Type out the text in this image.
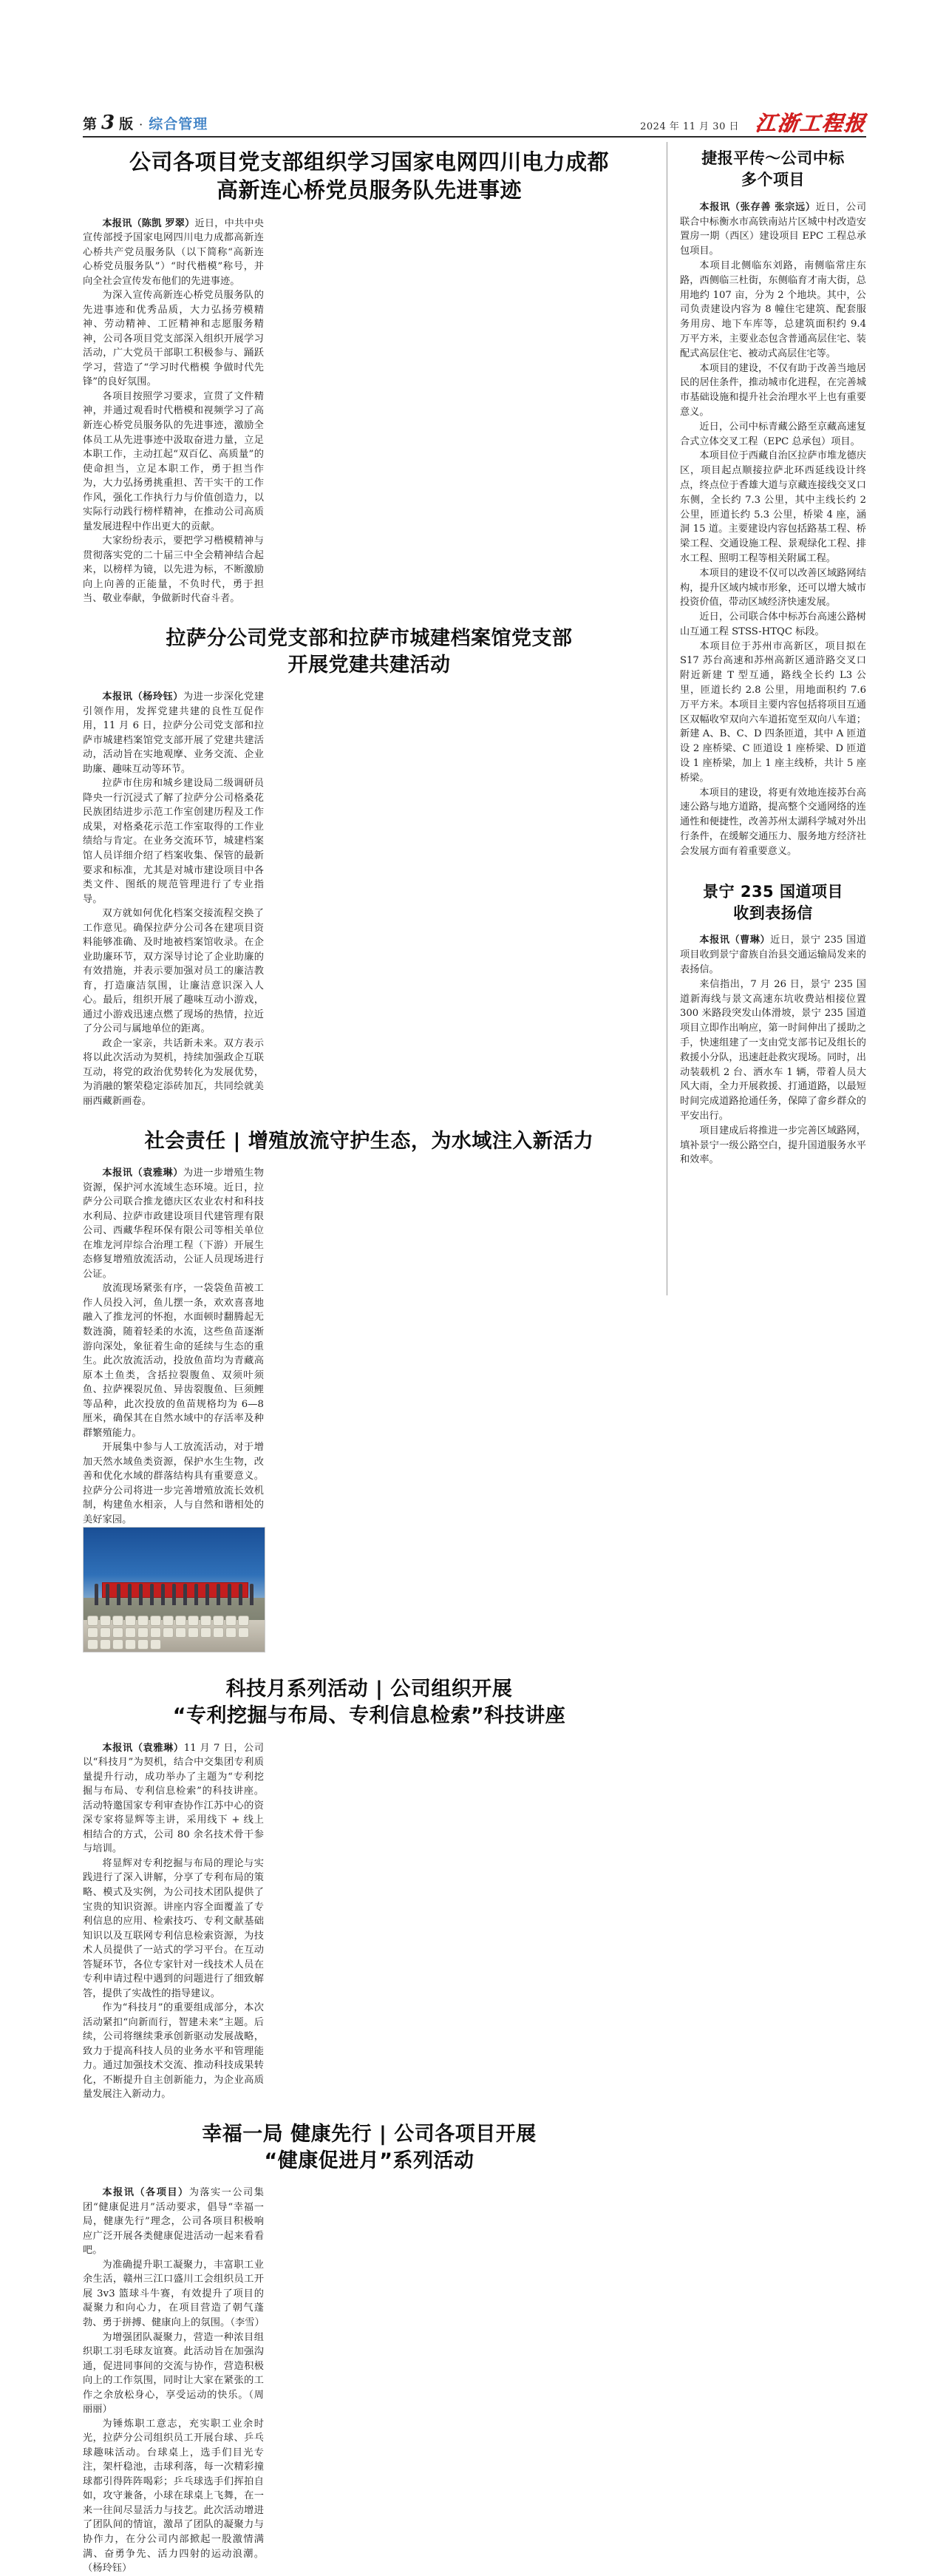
第 3 版 · 综合管理	2024 年 11 月 30 日 江浙工程报
公司各项目党支部组织学习国家电网四川电力成都
高新连心桥党员服务队先进事迹

本报讯（陈凯 罗翠）近日，中共中央宣传部授予国家电网四川电力成都高新连心桥共产党员服务队（以下简称“高新连心桥党员服务队”）“时代楷模”称号，并向全社会宣传发布他们的先进事迹。

为深入宣传高新连心桥党员服务队的先进事迹和优秀品质，大力弘扬劳模精神、劳动精神、工匠精神和志愿服务精神，公司各项目党支部深入组织开展学习活动，广大党员干部职工积极参与、踊跃学习，营造了“学习时代楷模 争做时代先锋”的良好氛围。

各项目按照学习要求，宣贯了文件精神，并通过观看时代楷模和视频学习了高新连心桥党员服务队的先进事迹，激励全体员工从先进事迹中汲取奋进力量，立足本职工作，主动扛起“双百亿、高质量”的使命担当，立足本职工作，勇于担当作为，大力弘扬勇挑重担、苦干实干的工作作风，强化工作执行力与价值创造力，以实际行动践行榜样精神，在推动公司高质量发展进程中作出更大的贡献。

大家纷纷表示，要把学习楷模精神与贯彻落实党的二十届三中全会精神结合起来，以榜样为镜，以先进为标，不断激励向上向善的正能量，不负时代，勇于担当、敬业奉献，争做新时代奋斗者。

拉萨分公司党支部和拉萨市城建档案馆党支部
开展党建共建活动

本报讯（杨玲钰）为进一步深化党建引领作用，发挥党建共建的良性互促作用，11 月 6 日，拉萨分公司党支部和拉萨市城建档案馆党支部开展了党建共建活动，活动旨在实地观摩、业务交流、企业助廉、趣味互动等环节。

拉萨市住房和城乡建设局二级调研员降央一行沉浸式了解了拉萨分公司格桑花民族团结进步示范工作室创建历程及工作成果，对格桑花示范工作室取得的工作业绩给与肯定。在业务交流环节，城建档案馆人员详细介绍了档案收集、保管的最新要求和标准，尤其是对城市建设项目中各类文件、图纸的规范管理进行了专业指导。

双方就如何优化档案交接流程交换了工作意见。确保拉萨分公司各在建项目资料能够准确、及时地被档案馆收录。在企业助廉环节，双方深导讨论了企业助廉的有效措施，并表示要加强对员工的廉洁教育，打造廉洁氛围，让廉洁意识深入人心。最后，组织开展了趣味互动小游戏，通过小游戏迅速点燃了现场的热情，拉近了分公司与属地单位的距离。

政企一家亲，共话新未来。双方表示将以此次活动为契机，持续加强政企互联互动，将党的政治优势转化为发展优势，为消融的繁荣稳定添砖加瓦，共同绘就美丽西藏新画卷。

社会责任 | 增殖放流守护生态，为水域注入新活力

本报讯（袁雅琳）为进一步增殖生物资源，保护河水流域生态环境。近日，拉萨分公司联合推龙德庆区农业农村和科技水利局、拉萨市政建设项目代建管理有限公司、西藏华程环保有限公司等相关单位在堆龙河岸综合治理工程（下游）开展生态修复增殖放流活动，公证人员现场进行公证。

放流现场紧张有序，一袋袋鱼苗被工作人员投入河，鱼儿摆一条，欢欢喜喜地融入了推龙河的怀抱，水面顿时翻腾起无数涟漪，随着轻柔的水流，这些鱼苗逐渐游向深处，象征着生命的延续与生态的重生。此次放流活动，投放鱼苗均为青藏高原本土鱼类，含括拉裂腹鱼、双须叶须鱼、拉萨裸裂尻鱼、异齿裂腹鱼、巨须鲤等品种，此次投放的鱼苗规格均为 6—8 厘米，确保其在自然水域中的存活率及种群繁殖能力。

开展集中参与人工放流活动，对于增加天然水域鱼类资源，保护水生生物，改善和优化水域的群落结构具有重要意义。拉萨分公司将进一步完善增殖放流长效机制，构建鱼水相亲，人与自然和谐相处的美好家园。

科技月系列活动 | 公司组织开展
“专利挖掘与布局、专利信息检索”科技讲座

本报讯（袁雅琳）11 月 7 日，公司以“科技月”为契机，结合中交集团专利质量提升行动，成功举办了主题为“专利挖掘与布局、专利信息检索”的科技讲座。活动特邀国家专利审查协作江苏中心的资深专家将显辉等主讲，采用线下 + 线上相结合的方式，公司 80 余名技术骨干参与培训。

将显辉对专利挖掘与布局的理论与实践进行了深入讲解，分享了专利布局的策略、模式及实例，为公司技术团队提供了宝贵的知识资源。讲座内容全面覆盖了专利信息的应用、检索技巧、专利文献基础知识以及互联网专利信息检索资源，为技术人员提供了一站式的学习平台。在互动答疑环节，各位专家针对一线技术人员在专利申请过程中遇到的问题进行了细致解答，提供了实战性的指导建议。

作为“科技月”的重要组成部分，本次活动紧扣“向新而行，智建未来”主题。后续，公司将继续秉承创新驱动发展战略，致力于提高科技人员的业务水平和管理能力。通过加强技术交流、推动科技成果转化，不断提升自主创新能力，为企业高质量发展注入新动力。

幸福一局 健康先行 | 公司各项目开展
“健康促进月”系列活动

本报讯（各项目）为落实一公司集团“健康促进月”活动要求，倡导“幸福一局，健康先行”理念，公司各项目积极响应广泛开展各类健康促进活动一起来看看吧。

为准确提升职工凝聚力，丰富职工业余生活，赣州三江口盛川工会组织员工开展 3v3 篮球斗牛赛，有效提升了项目的凝聚力和向心力，在项目营造了朝气蓬勃、勇于拼搏、健康向上的氛围。（李雪）

为增强团队凝聚力，营造一种浓目组织职工羽毛球友谊赛。此活动旨在加强沟通，促进同事间的交流与协作，营造积极向上的工作氛围，同时让大家在紧张的工作之余放松身心，享受运动的快乐。（周丽丽）

为锤炼职工意志，充实职工业余时光，拉萨分公司组织员工开展台球、乒乓球趣味活动。台球桌上，选手们目光专注，架杆稳池，击球利落，每一次精彩撞球都引得阵阵喝彩；乒乓球选手们挥拍自如，攻守兼备，小球在球桌上飞舞，在一来一往间尽显活力与技艺。此次活动增进了团队间的情谊，激昂了团队的凝聚力与协作力，在分公司内部掀起一股激情满满、奋勇争先、活力四射的运动浪潮。（杨玲钰）

捷报平传～公司中标
多个项目

本报讯（张存善 张宗远）近日，公司联合中标衡水市高铁南站片区城中村改造安置房一期（西区）建设项目 EPC 工程总承包项目。

本项目北侧临东刘路，南侧临常庄东路，西侧临三杜街，东侧临育才南大街，总用地约 107 亩，分为 2 个地块。其中，公司负责建设内容为 8 幢住宅建筑、配套服务用房、地下车库等，总建筑面积约 9.4 万平方米，主要业态包含普通高层住宅、装配式高层住宅、被动式高层住宅等。

本项目的建设，不仅有助于改善当地居民的居住条件，推动城市化进程，在完善城市基础设施和提升社会治理水平上也有重要意义。

近日，公司中标青藏公路至京藏高速复合式立体交叉工程（EPC 总承包）项目。

本项目位于西藏自治区拉萨市堆龙德庆区，项目起点顺接拉萨北环西延线设计终点，终点位于香雄大道与京藏连接线交叉口东侧，全长约 7.3 公里，其中主线长约 2 公里，匝道长约 5.3 公里，桥梁 4 座，涵洞 15 道。主要建设内容包括路基工程、桥梁工程、交通设施工程、景观绿化工程、排水工程、照明工程等相关附属工程。

本项目的建设不仅可以改善区域路网结构，提升区域内城市形象，还可以增大城市投资价值，带动区域经济快速发展。

近日，公司联合体中标苏台高速公路树山互通工程 STSS-HTQC 标段。

本项目位于苏州市高新区，项目拟在 S17 苏台高速和苏州高新区通浒路交叉口附近新建 T 型互通，路线全长约 L3 公里，匝道长约 2.8 公里，用地面积约 7.6 万平方米。本项目主要内容包括将项目互通区双幅收窄双向六车道拓宽至双向八车道；新建 A、B、C、D 四条匝道，其中 A 匝道设 2 座桥梁、C 匝道设 1 座桥梁、D 匝道设 1 座桥梁，加上 1 座主线桥，共计 5 座桥梁。

本项目的建设，将更有效地连接苏台高速公路与地方道路，提高整个交通网络的连通性和便捷性，改善苏州太湖科学城对外出行条件，在缓解交通压力、服务地方经济社会发展方面有着重要意义。

景宁 235 国道项目
收到表扬信

本报讯（曹琳）近日，景宁 235 国道项目收到景宁畲族自治县交通运输局发来的表扬信。

来信指出，7 月 26 日，景宁 235 国道新海线与景文高速东坑收费站相接位置 300 米路段突发山体滑坡，景宁 235 国道项目立即作出响应，第一时间伸出了援助之手，快速组建了一支由党支部书记及组长的救援小分队，迅速赶赴救灾现场。同时，出动装载机 2 台、洒水车 1 辆，带着人员大风大雨，全力开展救援、打通道路，以最短时间完成道路抢通任务，保障了畲乡群众的平安出行。

项目建成后将推进一步完善区域路网，填补景宁一级公路空白，提升国道服务水平和效率。
